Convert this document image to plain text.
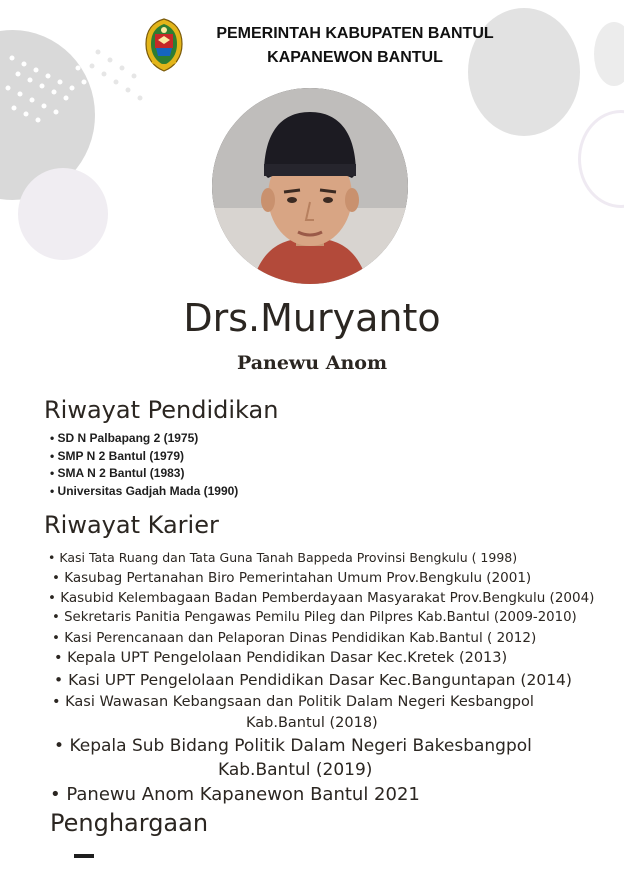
PEMERINTAH KABUPATEN BANTUL
KAPANEWON BANTUL
Drs.Muryanto
Panewu Anom
Riwayat Pendidikan
• SD N Palbapang 2 (1975)
• SMP N 2 Bantul (1979)
• SMA N 2 Bantul (1983)
• Universitas Gadjah Mada (1990)
Riwayat Karier
• Kasi Tata Ruang dan Tata Guna Tanah Bappeda Provinsi Bengkulu ( 1998)
• Kasubag Pertanahan Biro Pemerintahan Umum Prov.Bengkulu (2001)
• Kasubid Kelembagaan Badan Pemberdayaan Masyarakat Prov.Bengkulu (2004)
• Sekretaris Panitia Pengawas Pemilu Pileg dan Pilpres Kab.Bantul (2009-2010)
• Kasi Perencanaan dan Pelaporan Dinas Pendidikan Kab.Bantul ( 2012)
• Kepala UPT Pengelolaan Pendidikan Dasar Kec.Kretek (2013)
• Kasi UPT Pengelolaan Pendidikan Dasar Kec.Banguntapan (2014)
• Kasi Wawasan Kebangsaan dan Politik Dalam Negeri Kesbangpol
Kab.Bantul (2018)
• Kepala Sub Bidang Politik Dalam Negeri Bakesbangpol
Kab.Bantul (2019)
• Panewu Anom Kapanewon Bantul 2021
Penghargaan
